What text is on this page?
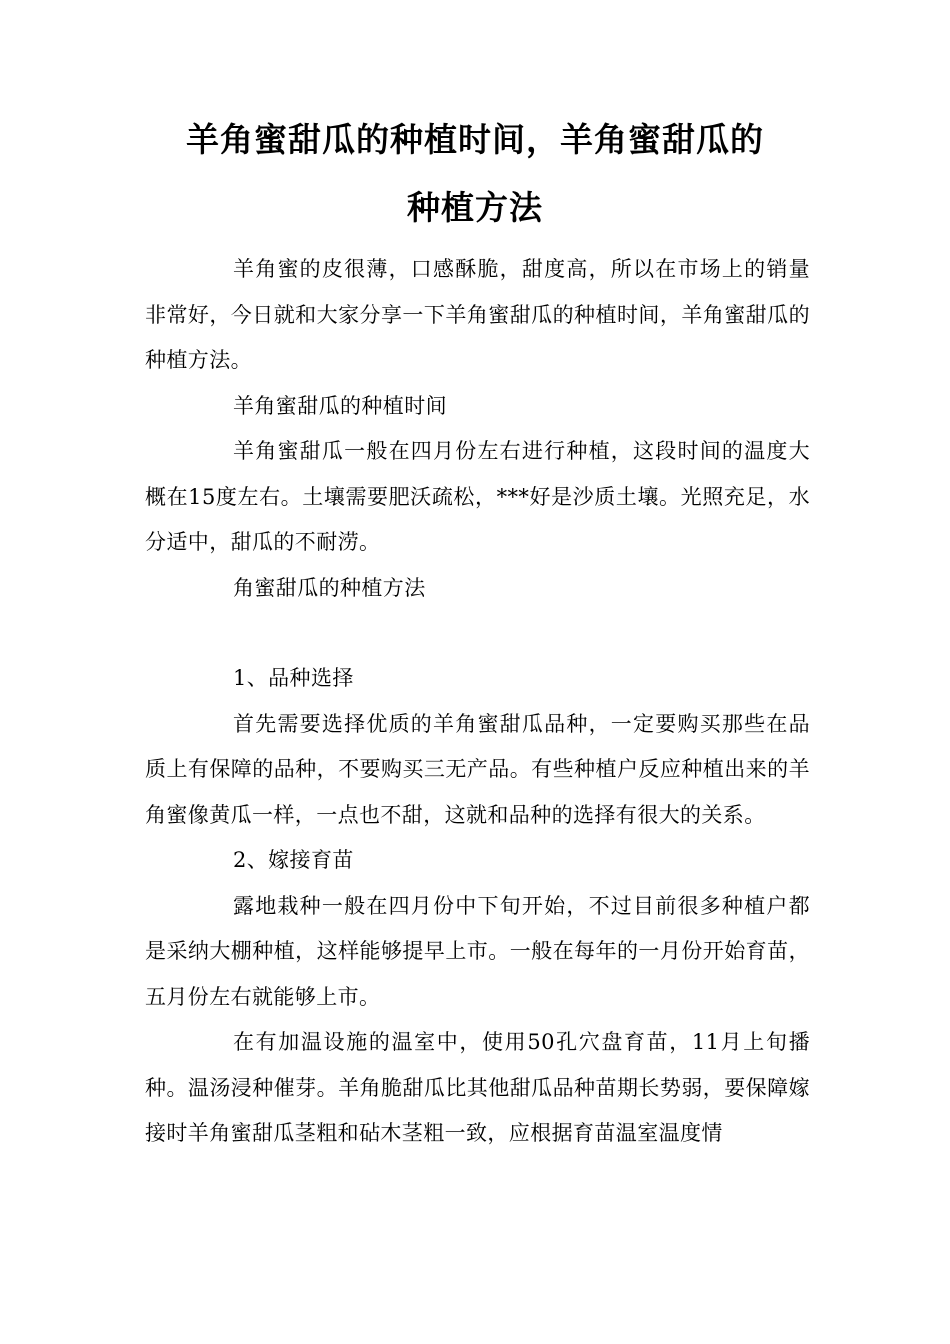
羊角蜜甜瓜的种植时间，羊角蜜甜瓜的
种植方法

羊角蜜的皮很薄，口感酥脆，甜度高，所以在市场上的销量非常好，今日就和大家分享一下羊角蜜甜瓜的种植时间，羊角蜜甜瓜的种植方法。

羊角蜜甜瓜的种植时间

羊角蜜甜瓜一般在四月份左右进行种植，这段时间的温度大概在15度左右。土壤需要肥沃疏松，***好是沙质土壤。光照充足，水分适中，甜瓜的不耐涝。

角蜜甜瓜的种植方法

1、品种选择

首先需要选择优质的羊角蜜甜瓜品种，一定要购买那些在品质上有保障的品种，不要购买三无产品。有些种植户反应种植出来的羊角蜜像黄瓜一样，一点也不甜，这就和品种的选择有很大的关系。

2、嫁接育苗

露地栽种一般在四月份中下旬开始，不过目前很多种植户都是采纳大棚种植，这样能够提早上市。一般在每年的一月份开始育苗，五月份左右就能够上市。

在有加温设施的温室中，使用50孔穴盘育苗，11月上旬播种。温汤浸种催芽。羊角脆甜瓜比其他甜瓜品种苗期长势弱，要保障嫁接时羊角蜜甜瓜茎粗和砧木茎粗一致，应根据育苗温室温度情
